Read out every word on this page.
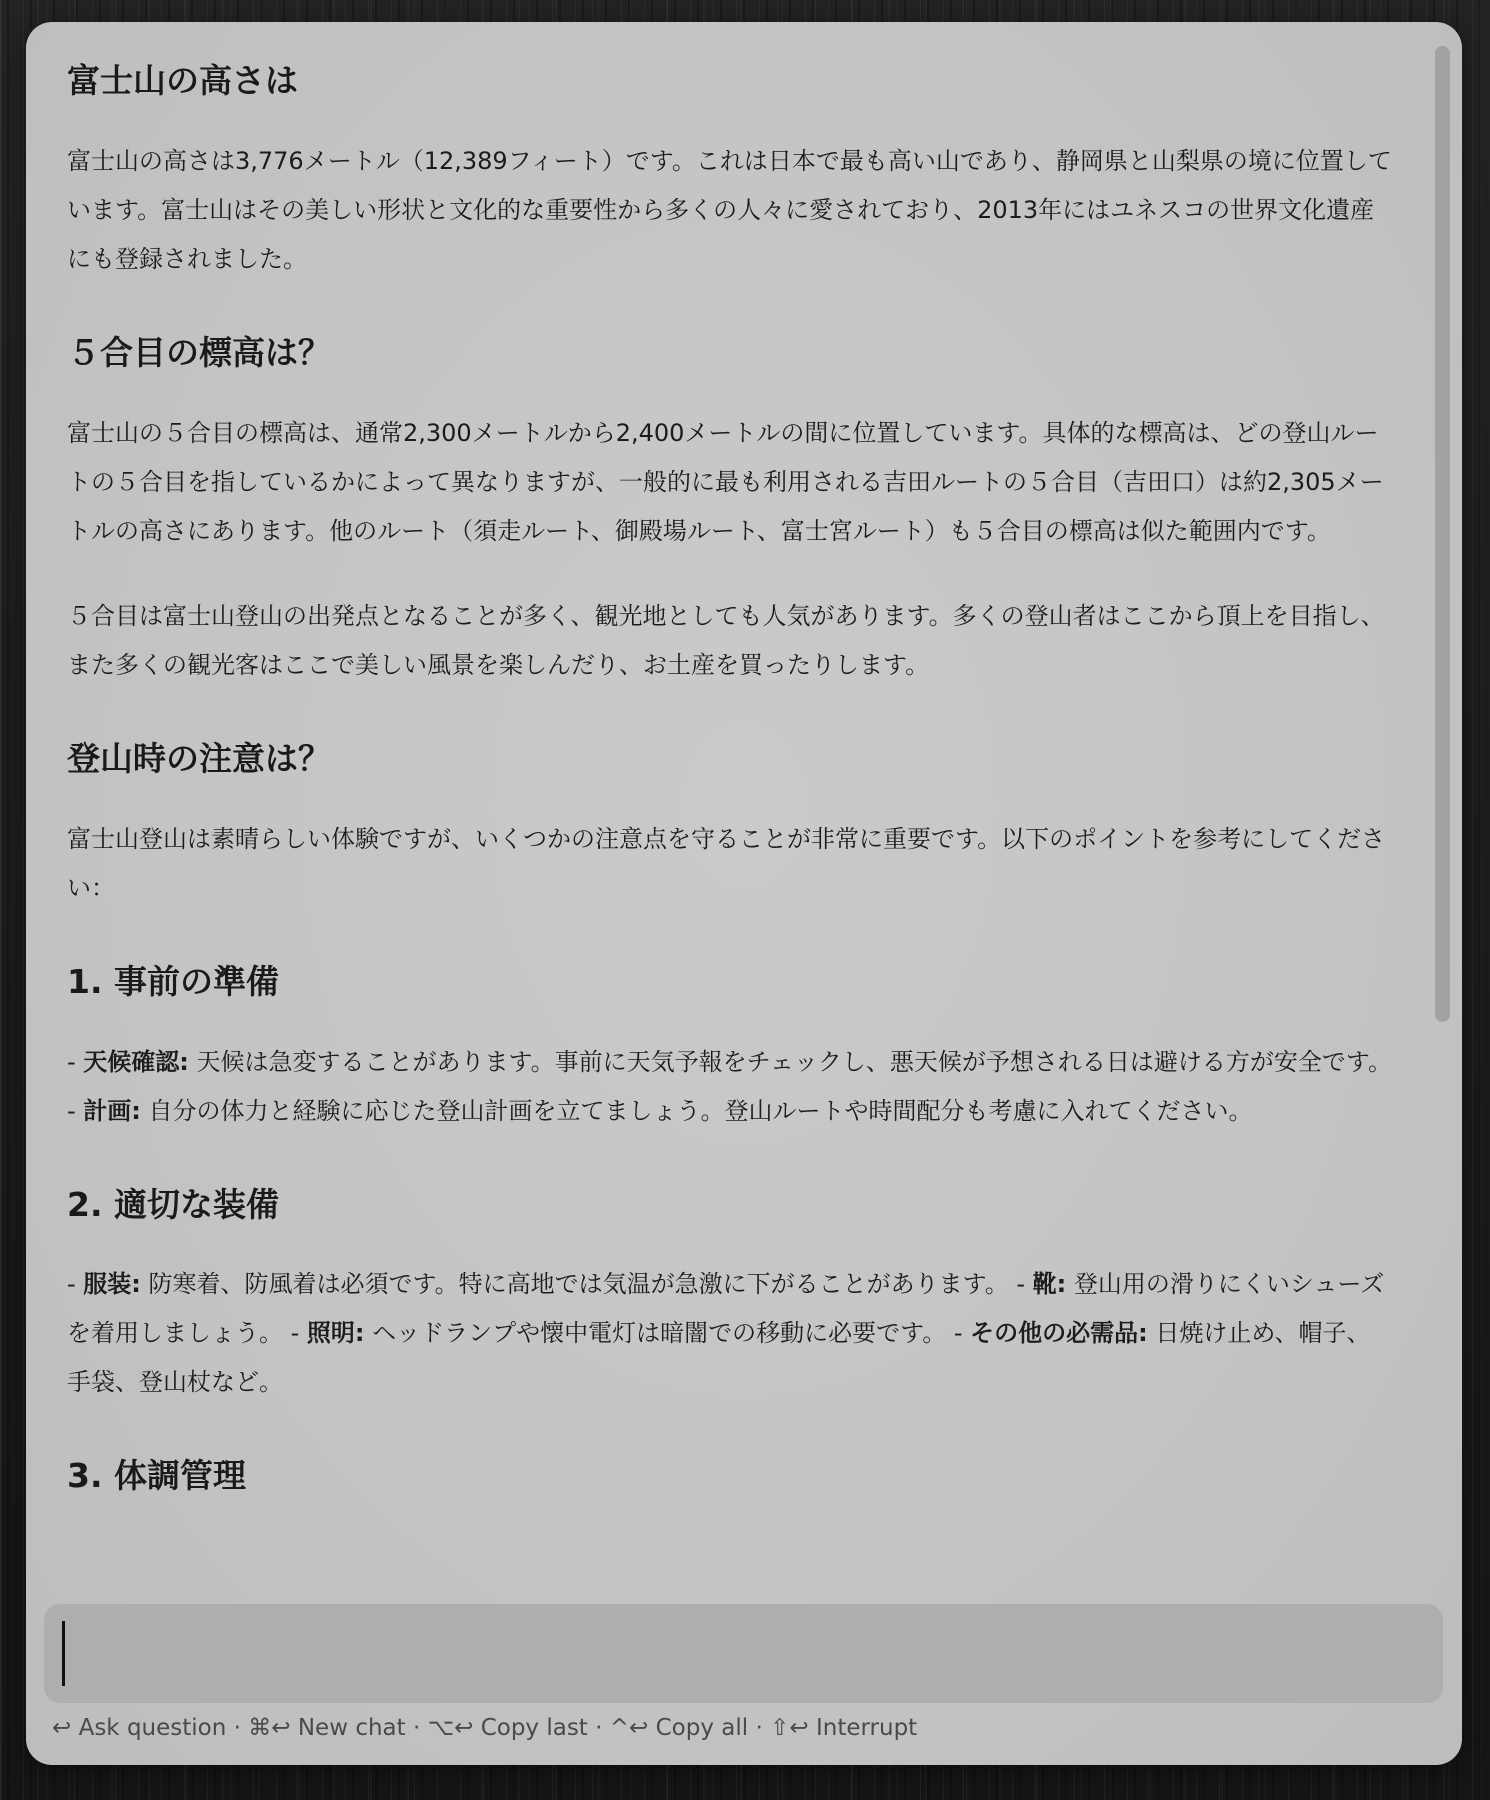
富士山の高さは

富士山の高さは3,776メートル（12,389フィート）です。これは日本で最も高い山であり、静岡県と山梨県の境に位置しています。富士山はその美しい形状と文化的な重要性から多くの人々に愛されており、2013年にはユネスコの世界文化遺産にも登録されました。

５合目の標高は？

富士山の５合目の標高は、通常2,300メートルから2,400メートルの間に位置しています。具体的な標高は、どの登山ルートの５合目を指しているかによって異なりますが、一般的に最も利用される吉田ルートの５合目（吉田口）は約2,305メートルの高さにあります。他のルート（須走ルート、御殿場ルート、富士宮ルート）も５合目の標高は似た範囲内です。

５合目は富士山登山の出発点となることが多く、観光地としても人気があります。多くの登山者はここから頂上を目指し、また多くの観光客はここで美しい風景を楽しんだり、お土産を買ったりします。

登山時の注意は？

富士山登山は素晴らしい体験ですが、いくつかの注意点を守ることが非常に重要です。以下のポイントを参考にしてください：

1. 事前の準備

- 天候確認: 天候は急変することがあります。事前に天気予報をチェックし、悪天候が予想される日は避ける方が安全です。 - 計画: 自分の体力と経験に応じた登山計画を立てましょう。登山ルートや時間配分も考慮に入れてください。

2. 適切な装備

- 服装: 防寒着、防風着は必須です。特に高地では気温が急激に下がることがあります。 - 靴: 登山用の滑りにくいシューズを着用しましょう。 - 照明: ヘッドランプや懐中電灯は暗闇での移動に必要です。 - その他の必需品: 日焼け止め、帽子、手袋、登山杖など。

3. 体調管理
↩ Ask question · ⌘↩ New chat · ⌥↩ Copy last · ^↩ Copy all · ⇧↩ Interrupt
